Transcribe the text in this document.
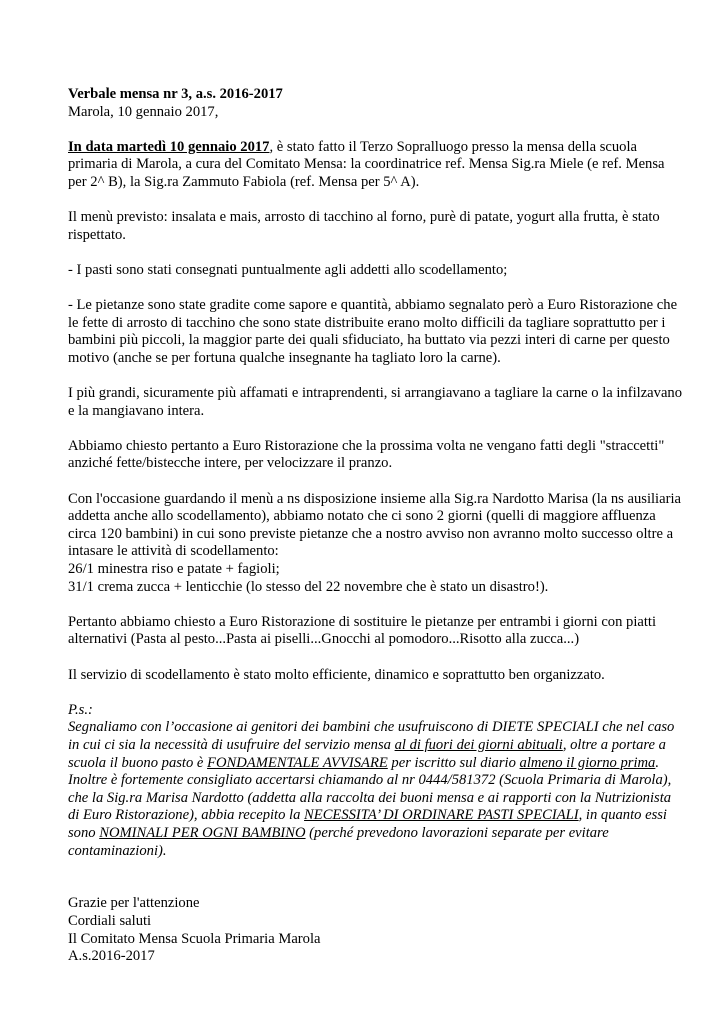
Verbale mensa nr 3, a.s. 2016-2017

Marola, 10 gennaio 2017,

In data martedì 10 gennaio 2017, è stato fatto il Terzo Sopralluogo presso la mensa della scuola primaria di Marola, a cura del Comitato Mensa: la coordinatrice ref. Mensa Sig.ra Miele (e ref. Mensa per 2^ B), la Sig.ra Zammuto Fabiola (ref. Mensa per 5^ A).

Il menù previsto: insalata e mais, arrosto di tacchino al forno, purè di patate, yogurt alla frutta, è stato rispettato.

- I pasti sono stati consegnati puntualmente agli addetti allo scodellamento;

- Le pietanze sono state gradite come sapore e quantità, abbiamo segnalato però a Euro Ristorazione che le fette di arrosto di tacchino che sono state distribuite erano molto difficili da tagliare soprattutto per i bambini più piccoli, la maggior parte dei quali sfiduciato, ha buttato via pezzi interi di carne per questo motivo (anche se per fortuna qualche insegnante ha tagliato loro la carne).

I più grandi, sicuramente più affamati e intraprendenti, si arrangiavano a tagliare la carne o la infilzavano e la mangiavano intera.

Abbiamo chiesto pertanto a Euro Ristorazione che la prossima volta ne vengano fatti degli "straccetti" anziché fette/bistecche intere, per velocizzare il pranzo.

Con l'occasione guardando il menù a ns disposizione insieme alla Sig.ra Nardotto Marisa (la ns ausiliaria addetta anche allo scodellamento), abbiamo notato che ci sono 2 giorni (quelli di maggiore affluenza circa 120 bambini) in cui sono previste pietanze che a nostro avviso non avranno molto successo oltre a intasare le attività di scodellamento:

26/1 minestra riso e patate + fagioli;

31/1 crema zucca + lenticchie (lo stesso del 22 novembre che è stato un disastro!).

Pertanto abbiamo chiesto a Euro Ristorazione di sostituire le pietanze per entrambi i giorni con piatti alternativi (Pasta al pesto...Pasta ai piselli...Gnocchi al pomodoro...Risotto alla zucca...)

Il servizio di scodellamento è stato molto efficiente, dinamico e soprattutto ben organizzato.

P.s.:

Segnaliamo con l’occasione ai genitori dei bambini che usufruiscono di DIETE SPECIALI che nel caso in cui ci sia la necessità di usufruire del servizio mensa al di fuori dei giorni abituali, oltre a portare a scuola il buono pasto è FONDAMENTALE AVVISARE per iscritto sul diario almeno il giorno prima.

Inoltre è fortemente consigliato accertarsi chiamando al nr 0444/581372 (Scuola Primaria di Marola), che la Sig.ra Marisa Nardotto (addetta alla raccolta dei buoni mensa e ai rapporti con la Nutrizionista di Euro Ristorazione), abbia recepito la NECESSITA’ DI ORDINARE PASTI SPECIALI, in quanto essi sono NOMINALI PER OGNI BAMBINO (perché prevedono lavorazioni separate per evitare contaminazioni).

Grazie per l'attenzione

Cordiali saluti

Il Comitato Mensa Scuola Primaria Marola

A.s.2016-2017
